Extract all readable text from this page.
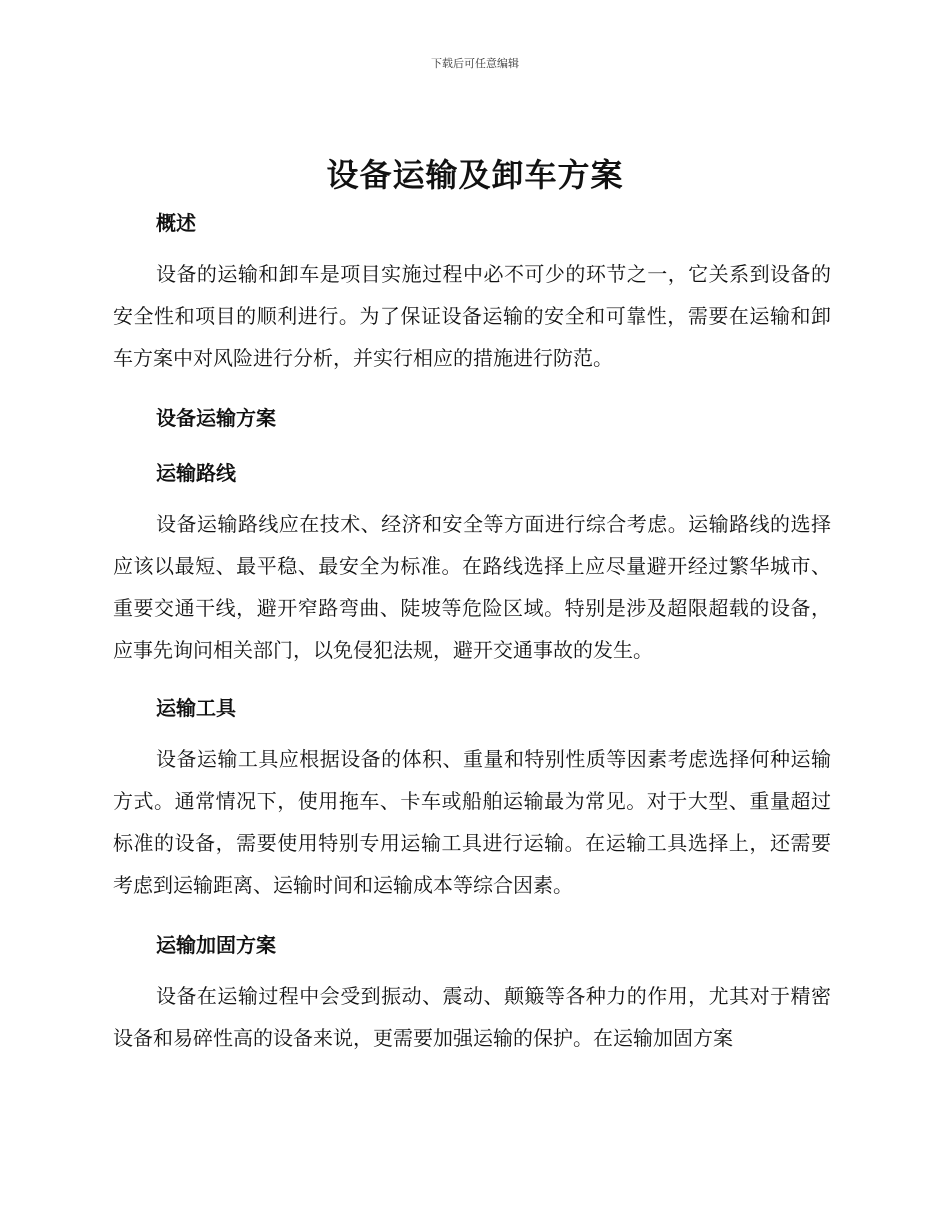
下载后可任意编辑
设备运输及卸车方案
概述

设备的运输和卸车是项目实施过程中必不可少的环节之一，它关系到设备的安全性和项目的顺利进行。为了保证设备运输的安全和可靠性，需要在运输和卸车方案中对风险进行分析，并实行相应的措施进行防范。

设备运输方案
运输路线

设备运输路线应在技术、经济和安全等方面进行综合考虑。运输路线的选择应该以最短、最平稳、最安全为标准。在路线选择上应尽量避开经过繁华城市、重要交通干线，避开窄路弯曲、陡坡等危险区域。特别是涉及超限超载的设备，应事先询问相关部门，以免侵犯法规，避开交通事故的发生。

运输工具

设备运输工具应根据设备的体积、重量和特别性质等因素考虑选择何种运输方式。通常情况下，使用拖车、卡车或船舶运输最为常见。对于大型、重量超过标准的设备，需要使用特别专用运输工具进行运输。在运输工具选择上，还需要考虑到运输距离、运输时间和运输成本等综合因素。

运输加固方案

设备在运输过程中会受到振动、震动、颠簸等各种力的作用，尤其对于精密设备和易碎性高的设备来说，更需要加强运输的保护。在运输加固方案
